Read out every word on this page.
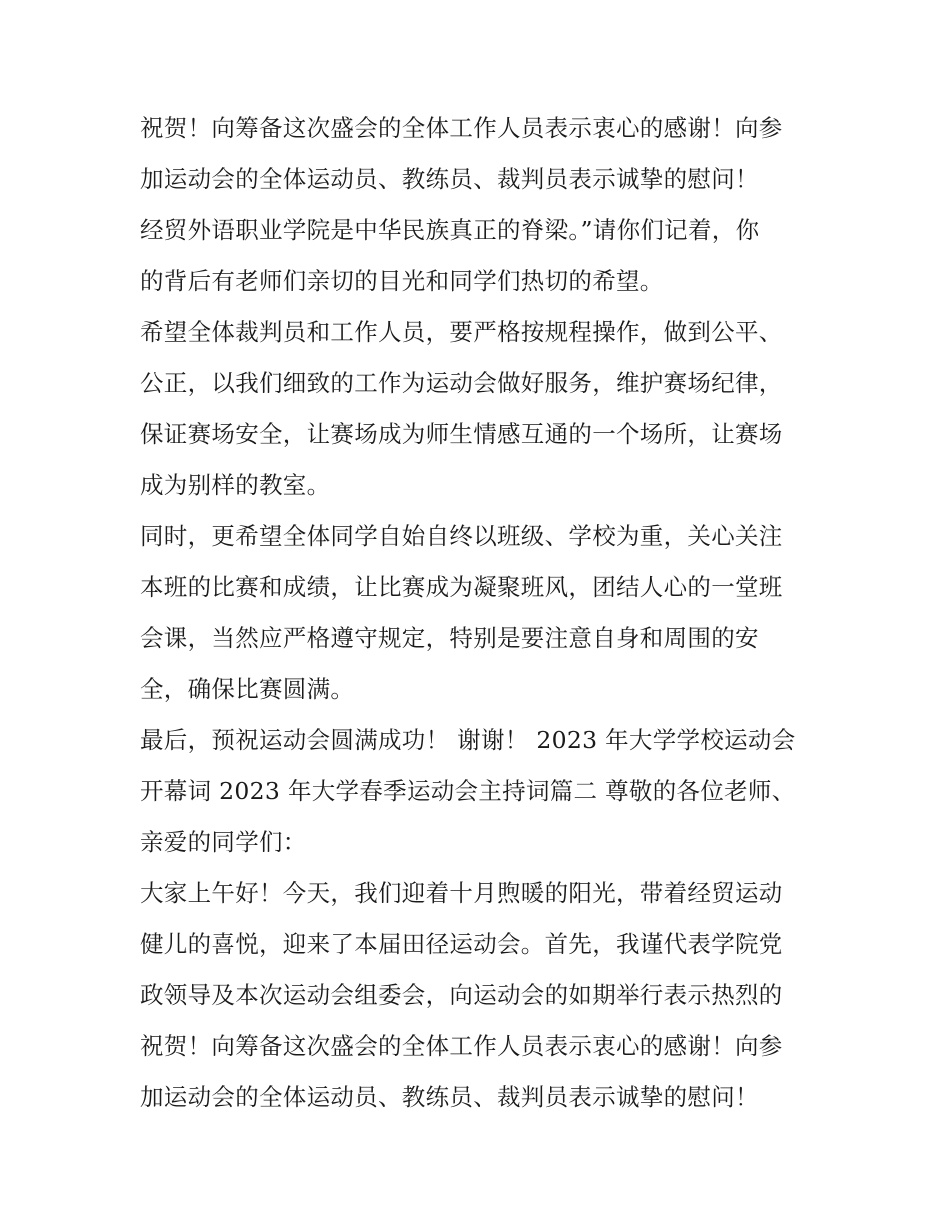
祝贺！向筹备这次盛会的全体工作人员表示衷心的感谢！向参
加运动会的全体运动员、教练员、裁判员表示诚挚的慰问！
经贸外语职业学院是中华民族真正的脊梁。”请你们记着，你
的背后有老师们亲切的目光和同学们热切的希望。
希望全体裁判员和工作人员，要严格按规程操作，做到公平、
公正，以我们细致的工作为运动会做好服务，维护赛场纪律，
保证赛场安全，让赛场成为师生情感互通的一个场所，让赛场
成为别样的教室。
同时，更希望全体同学自始自终以班级、学校为重，关心关注
本班的比赛和成绩，让比赛成为凝聚班风，团结人心的一堂班
会课，当然应严格遵守规定，特别是要注意自身和周围的安
全，确保比赛圆满。
最后，预祝运动会圆满成功！ 谢谢！ 2023 年大学学校运动会
开幕词 2023 年大学春季运动会主持词篇二 尊敬的各位老师、
亲爱的同学们：
大家上午好！今天，我们迎着十月煦暖的阳光，带着经贸运动
健儿的喜悦，迎来了本届田径运动会。首先，我谨代表学院党
政领导及本次运动会组委会，向运动会的如期举行表示热烈的
祝贺！向筹备这次盛会的全体工作人员表示衷心的感谢！向参
加运动会的全体运动员、教练员、裁判员表示诚挚的慰问！
